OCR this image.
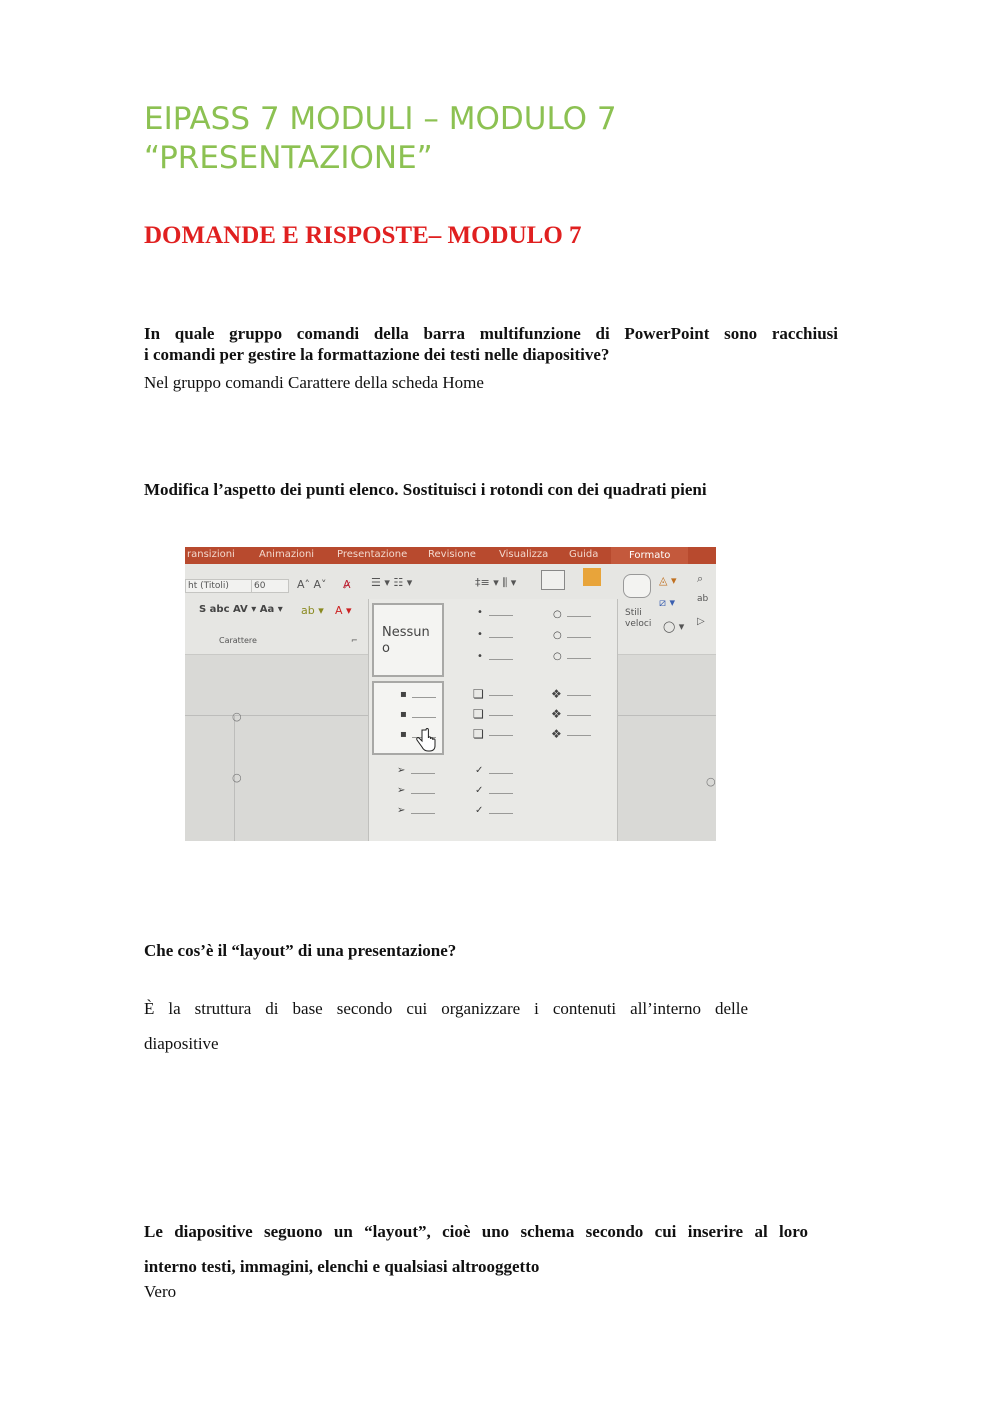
EIPASS 7 MODULI – MODULO 7
“PRESENTAZIONE”
DOMANDE E RISPOSTE– MODULO 7
In quale gruppo comandi della barra multifunzione di PowerPoint sono racchiusi
i comandi per gestire la formattazione dei testi nelle diapositive?
Nel gruppo comandi Carattere della scheda Home
Modifica l’aspetto dei punti elenco. Sostituisci i rotondi con dei quadrati pieni
ransizioni Animazioni Presentazione Revisione Visualizza Guida	Formato
ht (Titoli)	60	A˄ A˅ A̷
S abc AV ▾ Aa ▾ ab ▾ A ▾
Carattere	⌐
☰ ▾ ☷ ▾	‡≡ ▾ ⫼ ▾
Stili
veloci
◬ ▾
⧄ ▾
◯ ▾
⌕
ab
▷
○
○	○
Nessun
o
▪
▪
▪
•
•
•
○
○
○
❏
❏
❏
❖
❖
❖
➢
➢
➢
✓
✓
✓
Che cos’è il “layout” di una presentazione?
È la struttura di base secondo cui organizzare i contenuti all’interno delle
diapositive
Le diapositive seguono un “layout”, cioè uno schema secondo cui inserire al loro
interno testi, immagini, elenchi e qualsiasi altrooggetto
Vero
